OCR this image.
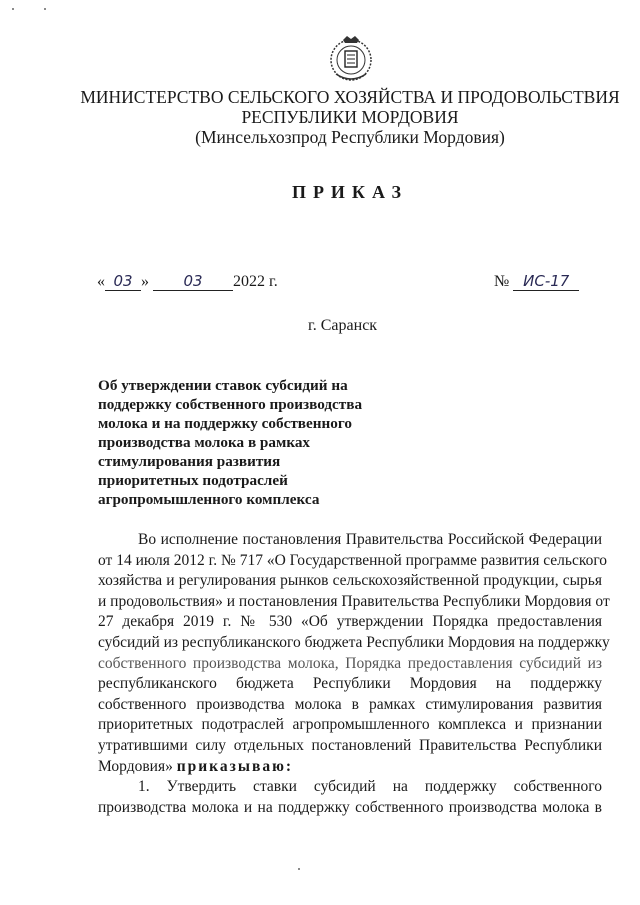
МИНИСТЕРСТВО СЕЛЬСКОГО ХОЗЯЙСТВА И ПРОДОВОЛЬСТВИЯ
РЕСПУБЛИКИ МОРДОВИЯ
(Минсельхозпрод Республики Мордовия)
ПРИКАЗ
« 03 » 03 2022 г.	№ ИС-17
г. Саранск
Об утверждении ставок субсидий на
поддержку собственного производства
молока и на поддержку собственного
производства молока в рамках
стимулирования развития
приоритетных подотраслей
агропромышленного комплекса
Во исполнение постановления Правительства Российской Федерации
от 14 июля 2012 г. № 717 «О Государственной программе развития сельского
хозяйства и регулирования рынков сельскохозяйственной продукции, сырья
и продовольствия» и постановления Правительства Республики Мордовия от
27 декабря 2019 г. № 530 «Об утверждении Порядка предоставления
субсидий из республиканского бюджета Республики Мордовия на поддержку
собственного производства молока, Порядка предоставления субсидий из
республиканского бюджета Республики Мордовия на поддержку
собственного производства молока в рамках стимулирования развития
приоритетных подотраслей агропромышленного комплекса и признании
утратившими силу отдельных постановлений Правительства Республики
Мордовия» приказываю:
1. Утвердить ставки субсидий на поддержку собственного
производства молока и на поддержку собственного производства молока в
